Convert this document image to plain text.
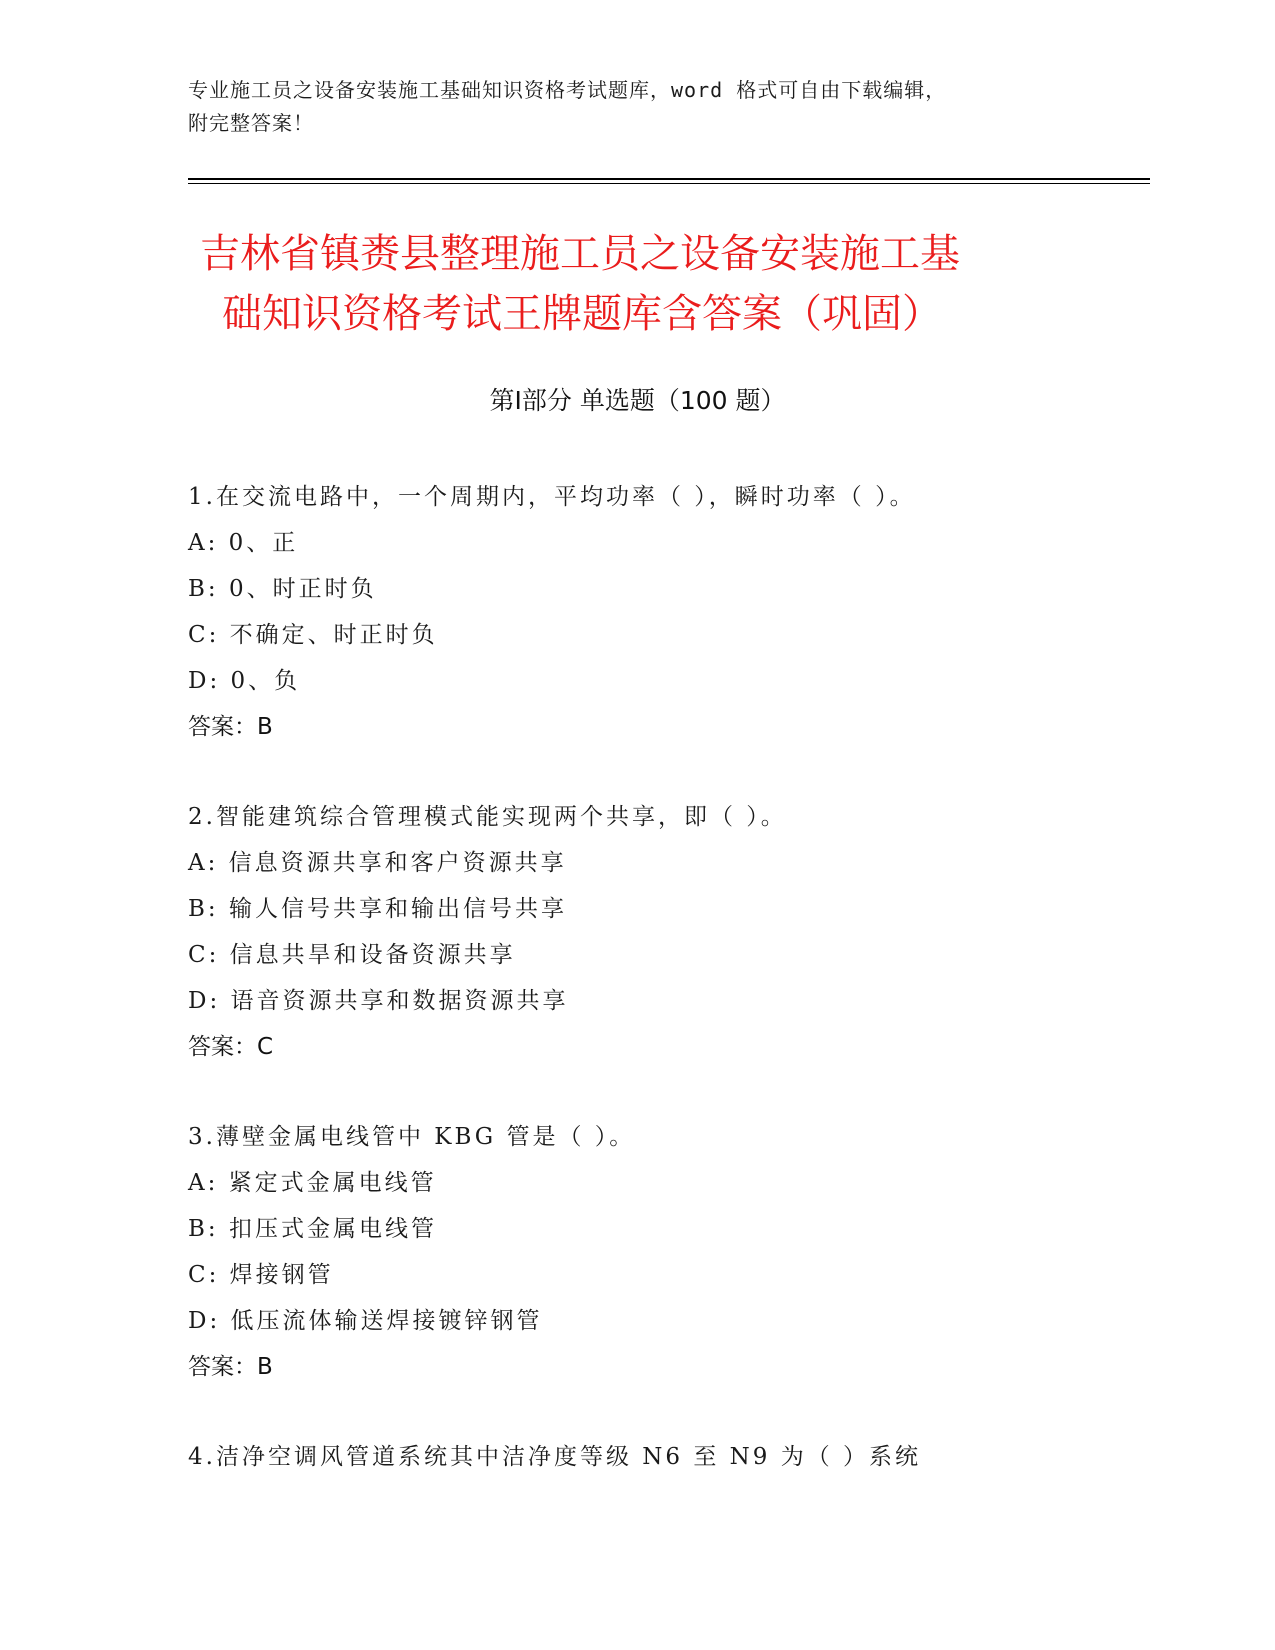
专业施工员之设备安装施工基础知识资格考试题库，word 格式可自由下载编辑，
附完整答案！
吉林省镇赉县整理施工员之设备安装施工基
础知识资格考试王牌题库含答案（巩固）
第Ⅰ部分 单选题（100 题）
1.在交流电路中，一个周期内，平均功率（ ），瞬时功率（ ）。
A: 0、正
B: 0、时正时负
C: 不确定、时正时负
D: 0、负
答案：B
2.智能建筑综合管理模式能实现两个共享，即（ ）。
A: 信息资源共享和客户资源共享
B: 输人信号共享和输出信号共享
C: 信息共旱和设备资源共享
D: 语音资源共享和数据资源共享
答案：C
3.薄壁金属电线管中 KBG 管是（ ）。
A: 紧定式金属电线管
B: 扣压式金属电线管
C: 焊接钢管
D: 低压流体输送焊接镀锌钢管
答案：B
4.洁净空调风管道系统其中洁净度等级 N6 至 N9 为（ ）系统
